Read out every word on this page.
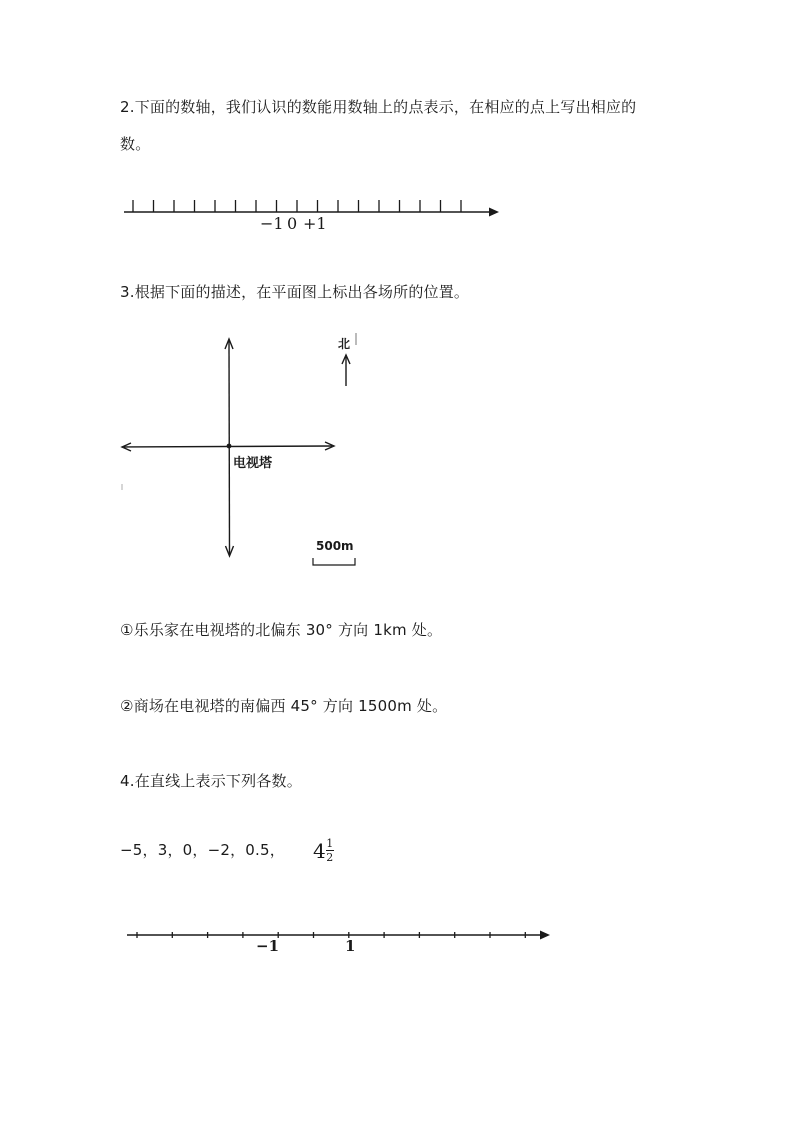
2.下面的数轴，我们认识的数能用数轴上的点表示，在相应的点上写出相应的
数。
−1 0 +1
3.根据下面的描述，在平面图上标出各场所的位置。
北
电视塔
500m
①乐乐家在电视塔的北偏东 30° 方向 1km 处。
②商场在电视塔的南偏西 45° 方向 1500m 处。
4.在直线上表示下列各数。
−5，3，0，−2，0.5， $4 \frac{1}{2}$
−1	1
